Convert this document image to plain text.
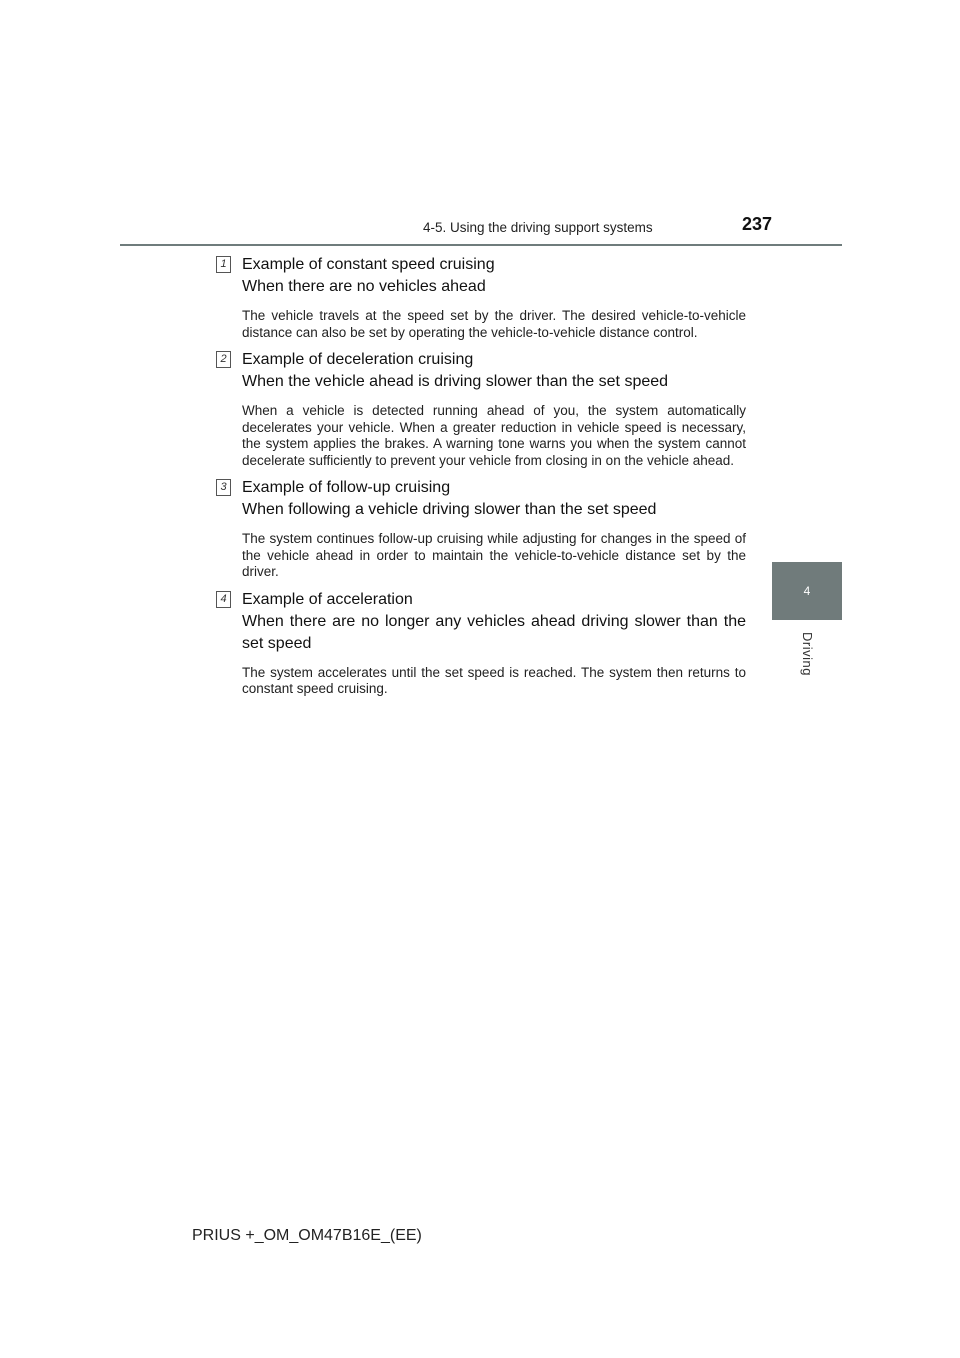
4-5. Using the driving support systems	237
4
Driving
1 Example of constant speed cruising

When there are no vehicles ahead

The vehicle travels at the speed set by the driver. The desired vehicle-to-vehicle distance can also be set by operating the vehicle-to-vehicle distance control.

2 Example of deceleration cruising

When the vehicle ahead is driving slower than the set speed

When a vehicle is detected running ahead of you, the system automatically decelerates your vehicle. When a greater reduction in vehicle speed is necessary, the system applies the brakes. A warning tone warns you when the system cannot decelerate sufficiently to prevent your vehicle from closing in on the vehicle ahead.

3 Example of follow-up cruising

When following a vehicle driving slower than the set speed

The system continues follow-up cruising while adjusting for changes in the speed of the vehicle ahead in order to maintain the vehicle-to-vehicle distance set by the driver.

4 Example of acceleration

When there are no longer any vehicles ahead driving slower than the set speed

The system accelerates until the set speed is reached. The system then returns to constant speed cruising.

PRIUS +_OM_OM47B16E_(EE)
